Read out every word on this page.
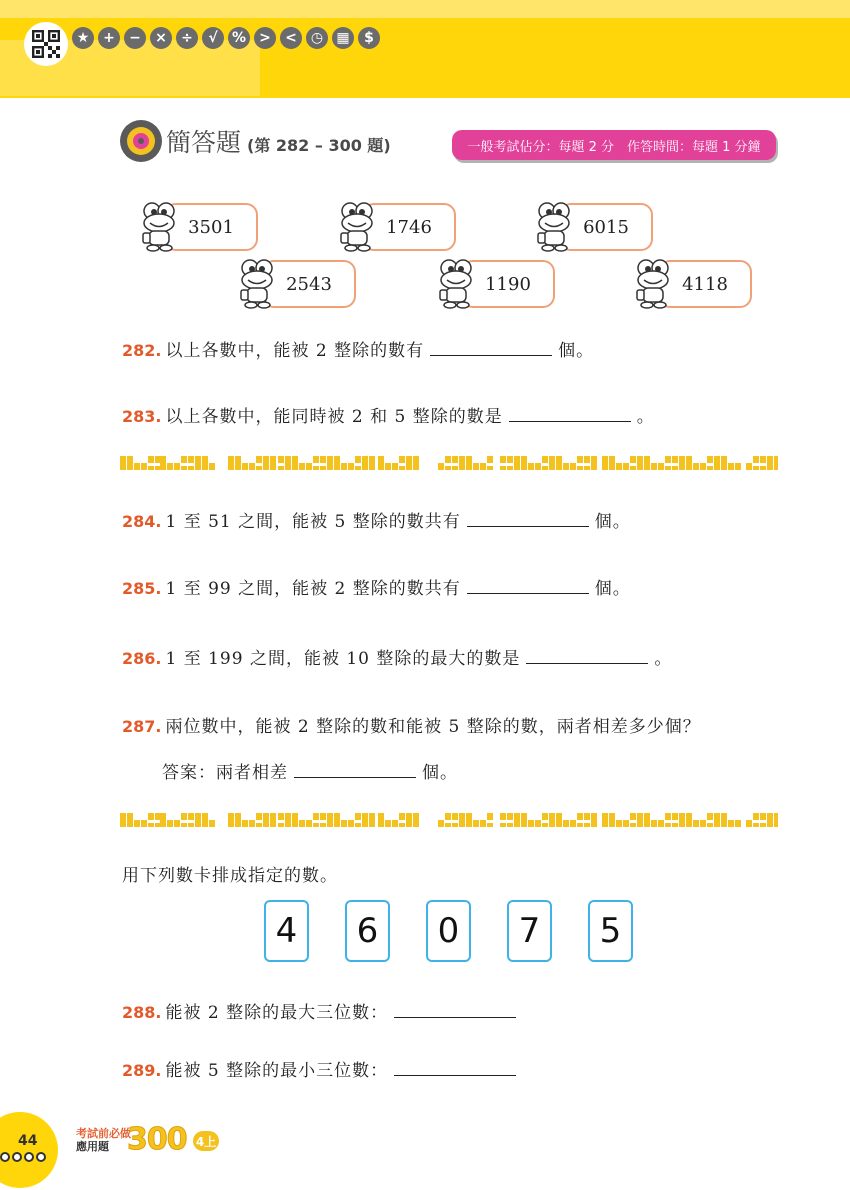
★ +	−	×	÷	√	% >	<	◷ ▦	$
簡答題 (第 282 – 300 題)	一般考試佔分：每題 2 分　作答時間：每題 1 分鐘
3501	1746	6015
2543	1190	4118
282. 以上各數中，能被 2 整除的數有	個。
283. 以上各數中，能同時被 2 和 5 整除的數是	。
284. 1 至 51 之間，能被 5 整除的數共有	個。
285. 1 至 99 之間，能被 2 整除的數共有	個。
286. 1 至 199 之間，能被 10 整除的最大的數是	。
287. 兩位數中，能被 2 整除的數和能被 5 整除的數，兩者相差多少個？
答案：兩者相差	個。
用下列數卡排成指定的數。
4	6	0	7	5
288. 能被 2 整除的最大三位數：
289. 能被 5 整除的最小三位數：
44	考試前必做
應用題 300 4上
